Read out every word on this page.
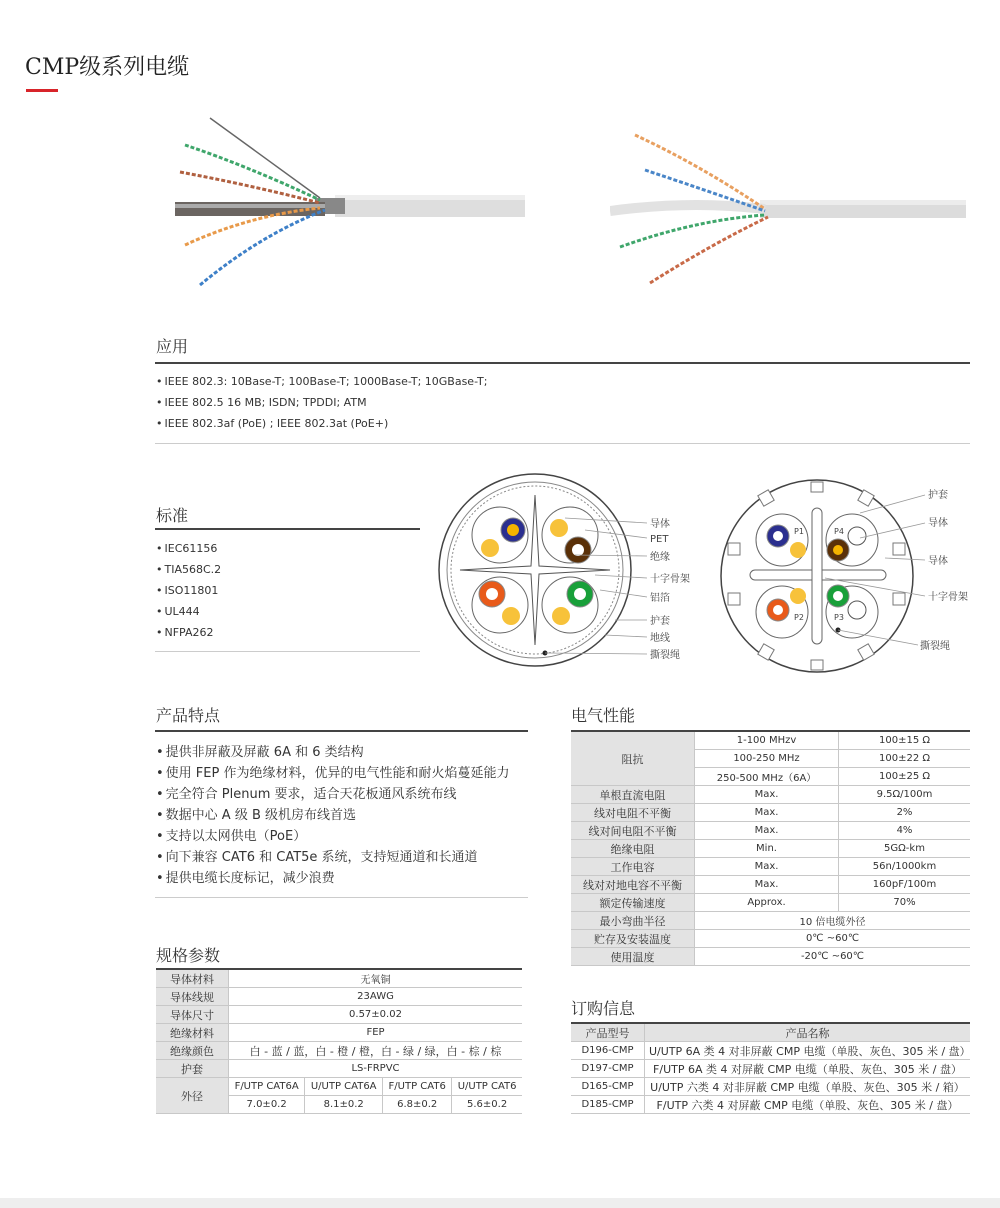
CMP级系列电缆
应用
• IEEE 802.3: 10Base-T; 100Base-T; 1000Base-T; 10GBase-T;
• IEEE 802.5 16 MB; ISDN; TPDDI; ATM
• IEEE 802.3af (PoE) ; IEEE 802.3at (PoE+)
标准
• IEC61156
• TIA568C.2
• ISO11801
• UL444
• NFPA262
导体
PET
绝缘
十字骨架
铝箔
护套
地线
撕裂绳
P1
P2	P3
P4
护套
导体
导体
十字骨架
撕裂绳
产品特点
• 提供非屏蔽及屏蔽 6A 和 6 类结构
• 使用 FEP 作为绝缘材料，优异的电气性能和耐火焰蔓延能力
• 完全符合 Plenum 要求，适合天花板通风系统布线
• 数据中心 A 级 B 级机房布线首选
• 支持以太网供电（PoE）
• 向下兼容 CAT6 和 CAT5e 系统，支持短通道和长通道
• 提供电缆长度标记，减少浪费
规格参数
导体材料	无氧铜			
导体线规	23AWG			
导体尺寸	0.57±0.02			
绝缘材料	FEP			
绝缘颜色	白 - 蓝 / 蓝，白 - 橙 / 橙，白 - 绿 / 绿，白 - 棕 / 棕			
护套	LS-FRPVC			
外径	F/UTP CAT6A	U/UTP CAT6A	F/UTP CAT6	U/UTP CAT6
	7.0±0.2	8.1±0.2	6.8±0.2	5.6±0.2
电气性能
阻抗	1-100 MHzv	100±15 Ω
	100-250 MHz	100±22 Ω
	250-500 MHz（6A）	100±25 Ω
单根直流电阻	Max.	9.5Ω/100m
线对电阻不平衡	Max.	2%
线对间电阻不平衡	Max.	4%
绝缘电阻	Min.	5GΩ-km
工作电容	Max.	56n/1000km
线对对地电容不平衡	Max.	160pF/100m
额定传输速度	Approx.	70%
最小弯曲半径	10 倍电缆外径	
贮存及安装温度	0℃ ~60℃	
使用温度	-20℃ ~60℃	
订购信息
产品型号	产品名称
D196-CMP	U/UTP 6A 类 4 对非屏蔽 CMP 电缆（单股、灰色、305 米 / 盘）
D197-CMP	F/UTP 6A 类 4 对屏蔽 CMP 电缆（单股、灰色、305 米 / 盘）
D165-CMP	U/UTP 六类 4 对非屏蔽 CMP 电缆（单股、灰色、305 米 / 箱）
D185-CMP	F/UTP 六类 4 对屏蔽 CMP 电缆（单股、灰色、305 米 / 盘）
